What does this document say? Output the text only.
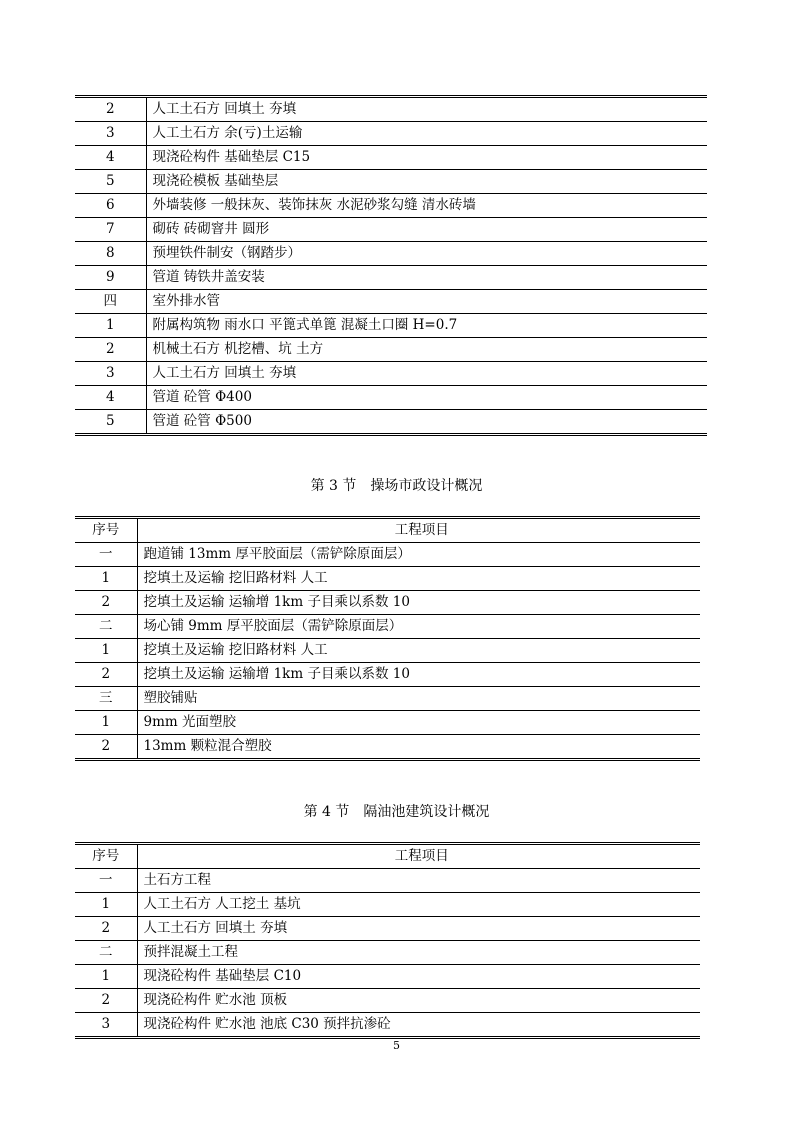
2	人工土石方 回填土 夯填
3	人工土石方 余(亏)土运输
4	现浇砼构件 基础垫层 C15
5	现浇砼模板 基础垫层
6	外墙装修 一般抹灰、装饰抹灰 水泥砂浆勾缝 清水砖墙
7	砌砖 砖砌窨井 圆形
8	预埋铁件制安（钢踏步）
9	管道 铸铁井盖安装
四	室外排水管
1	附属构筑物 雨水口 平篦式单篦 混凝土口圈 H=0.7
2	机械土石方 机挖槽、坑 土方
3	人工土石方 回填土 夯填
4	管道 砼管 Φ400
5	管道 砼管 Φ500
第 3 节　操场市政设计概况
序号	工程项目
一	跑道铺 13mm 厚平胶面层（需铲除原面层）
1	挖填土及运输 挖旧路材料 人工
2	挖填土及运输 运输增 1km 子目乘以系数 10
二	场心铺 9mm 厚平胶面层（需铲除原面层）
1	挖填土及运输 挖旧路材料 人工
2	挖填土及运输 运输增 1km 子目乘以系数 10
三	塑胶铺贴
1	9mm 光面塑胶
2	13mm 颗粒混合塑胶
第 4 节　隔油池建筑设计概况
序号	工程项目
一	土石方工程
1	人工土石方 人工挖土 基坑
2	人工土石方 回填土 夯填
二	预拌混凝土工程
1	现浇砼构件 基础垫层 C10
2	现浇砼构件 贮水池 顶板
3	现浇砼构件 贮水池 池底 C30 预拌抗渗砼
5
